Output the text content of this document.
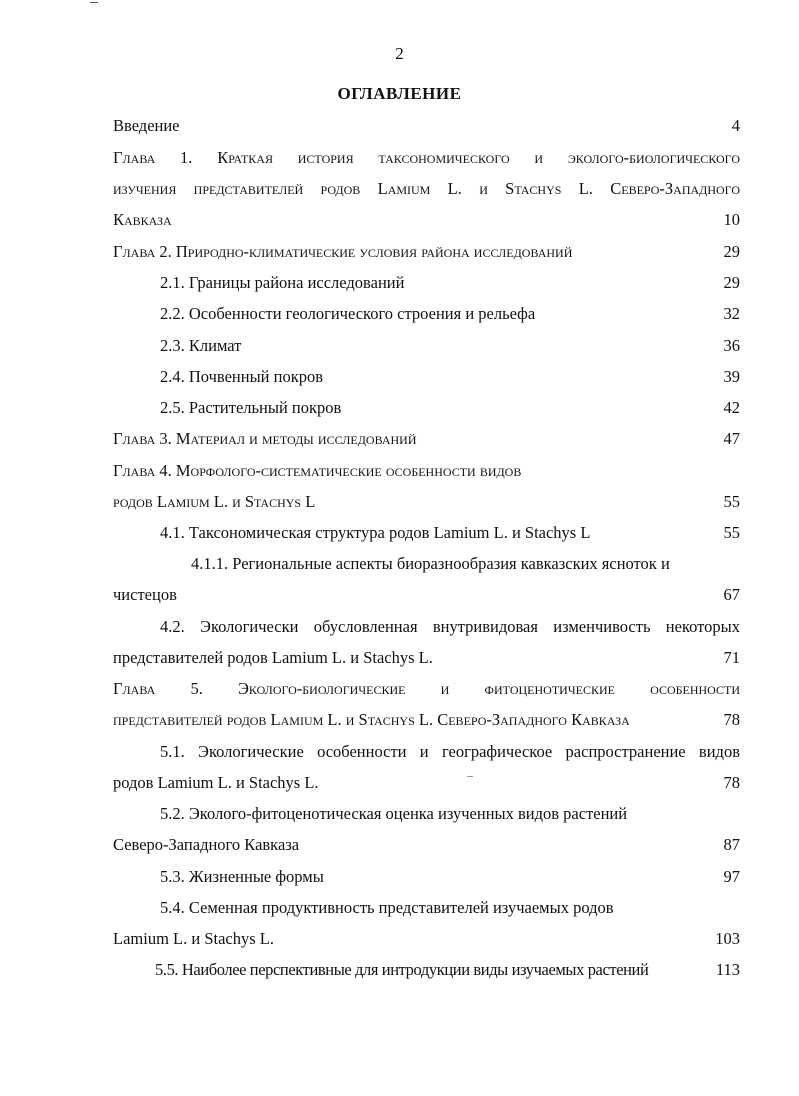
2
ОГЛАВЛЕНИЕ
Введение	4
Глава 1. Краткая история таксономического и эколого-биологического
изучения представителей родов Lamium L. и Stachys L. Северо-Западного
Кавказа	10
Глава 2. Природно-климатические условия района исследований	29
2.1. Границы района исследований	29
2.2. Особенности геологического строения и рельефа	32
2.3. Климат	36
2.4. Почвенный покров	39
2.5. Растительный покров	42
Глава 3. Материал и методы исследований	47
Глава 4. Морфолого-систематические особенности видов
родов Lamium L. и Stachys L	55
4.1. Таксономическая структура родов Lamium L. и Stachys L	55
4.1.1. Региональные аспекты биоразнообразия кавказских ясноток и
чистецов	67
4.2. Экологически обусловленная внутривидовая изменчивость некоторых
представителей родов Lamium L. и Stachys L.	71
Глава 5. Эколого-биологические и фитоценотические особенности
представителей родов Lamium L. и Stachys L. Северо-Западного Кавказа	78
5.1. Экологические особенности и географическое распространение видов
родов Lamium L. и Stachys L.	78
5.2. Эколого-фитоценотическая оценка изученных видов растений
Северо-Западного Кавказа	87
5.3. Жизненные формы	97
5.4. Семенная продуктивность представителей изучаемых родов
Lamium L. и Stachys L.	103
5.5. Наиболее перспективные для интродукции виды изучаемых растений	113
